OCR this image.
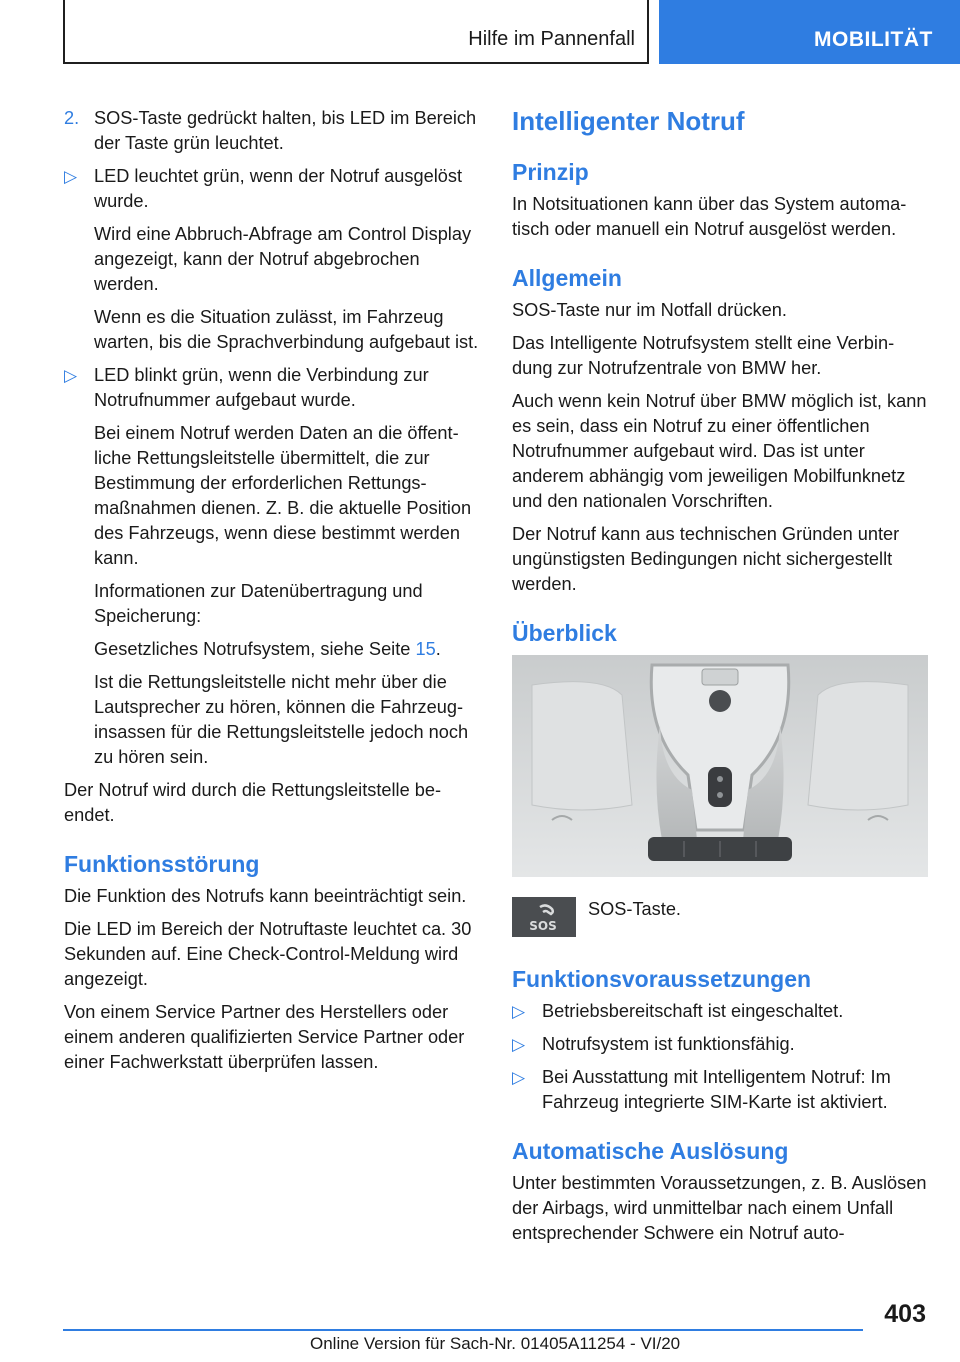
Hilfe im Pannenfall	MOBILITÄT
2. SOS-Taste gedrückt halten, bis LED im Bereich der Taste grün leuchtet.
▷ LED leuchtet grün, wenn der Notruf ausgelöst wurde.
Wird eine Abbruch-Abfrage am Control Display angezeigt, kann der Notruf abgebrochen werden.
Wenn es die Situation zulässt, im Fahrzeug warten, bis die Sprachverbindung aufgebaut ist.
▷ LED blinkt grün, wenn die Verbindung zur Notrufnummer aufgebaut wurde.
Bei einem Notruf werden Daten an die öffentliche Rettungsleitstelle übermittelt, die zur Bestimmung der erforderlichen Rettungsmaßnahmen dienen. Z. B. die aktuelle Position des Fahrzeugs, wenn diese bestimmt werden kann.
Informationen zur Datenübertragung und Speicherung:
Gesetzliches Notrufsystem, siehe Seite 15.
Ist die Rettungsleitstelle nicht mehr über die Lautsprecher zu hören, können die Fahrzeuginsassen für die Rettungsleitstelle jedoch noch zu hören sein.

Der Notruf wird durch die Rettungsleitstelle beendet.

Funktionsstörung

Die Funktion des Notrufs kann beeinträchtigt sein.

Die LED im Bereich der Notruftaste leuchtet ca. 30 Sekunden auf. Eine Check-Control-Meldung wird angezeigt.

Von einem Service Partner des Herstellers oder einem anderen qualifizierten Service Partner oder einer Fachwerkstatt überprüfen lassen.

Intelligenter Notruf
Prinzip

In Notsituationen kann über das System automatisch oder manuell ein Notruf ausgelöst werden.

Allgemein

SOS-Taste nur im Notfall drücken.

Das Intelligente Notrufsystem stellt eine Verbindung zur Notrufzentrale von BMW her.

Auch wenn kein Notruf über BMW möglich ist, kann es sein, dass ein Notruf zu einer öffentlichen Notrufnummer aufgebaut wird. Das ist unter anderem abhängig vom jeweiligen Mobilfunknetz und den nationalen Vorschriften.

Der Notruf kann aus technischen Gründen unter ungünstigsten Bedingungen nicht sichergestellt werden.

Überblick
SOS
SOS-Taste.
Funktionsvoraussetzungen
▷ Betriebsbereitschaft ist eingeschaltet.
▷ Notrufsystem ist funktionsfähig.
▷ Bei Ausstattung mit Intelligentem Notruf: Im Fahrzeug integrierte SIM-Karte ist aktiviert.
Automatische Auslösung

Unter bestimmten Voraussetzungen, z. B. Auslösen der Airbags, wird unmittelbar nach einem Unfall entsprechender Schwere ein Notruf auto-

403
Online Version für Sach-Nr. 01405A11254 - VI/20
